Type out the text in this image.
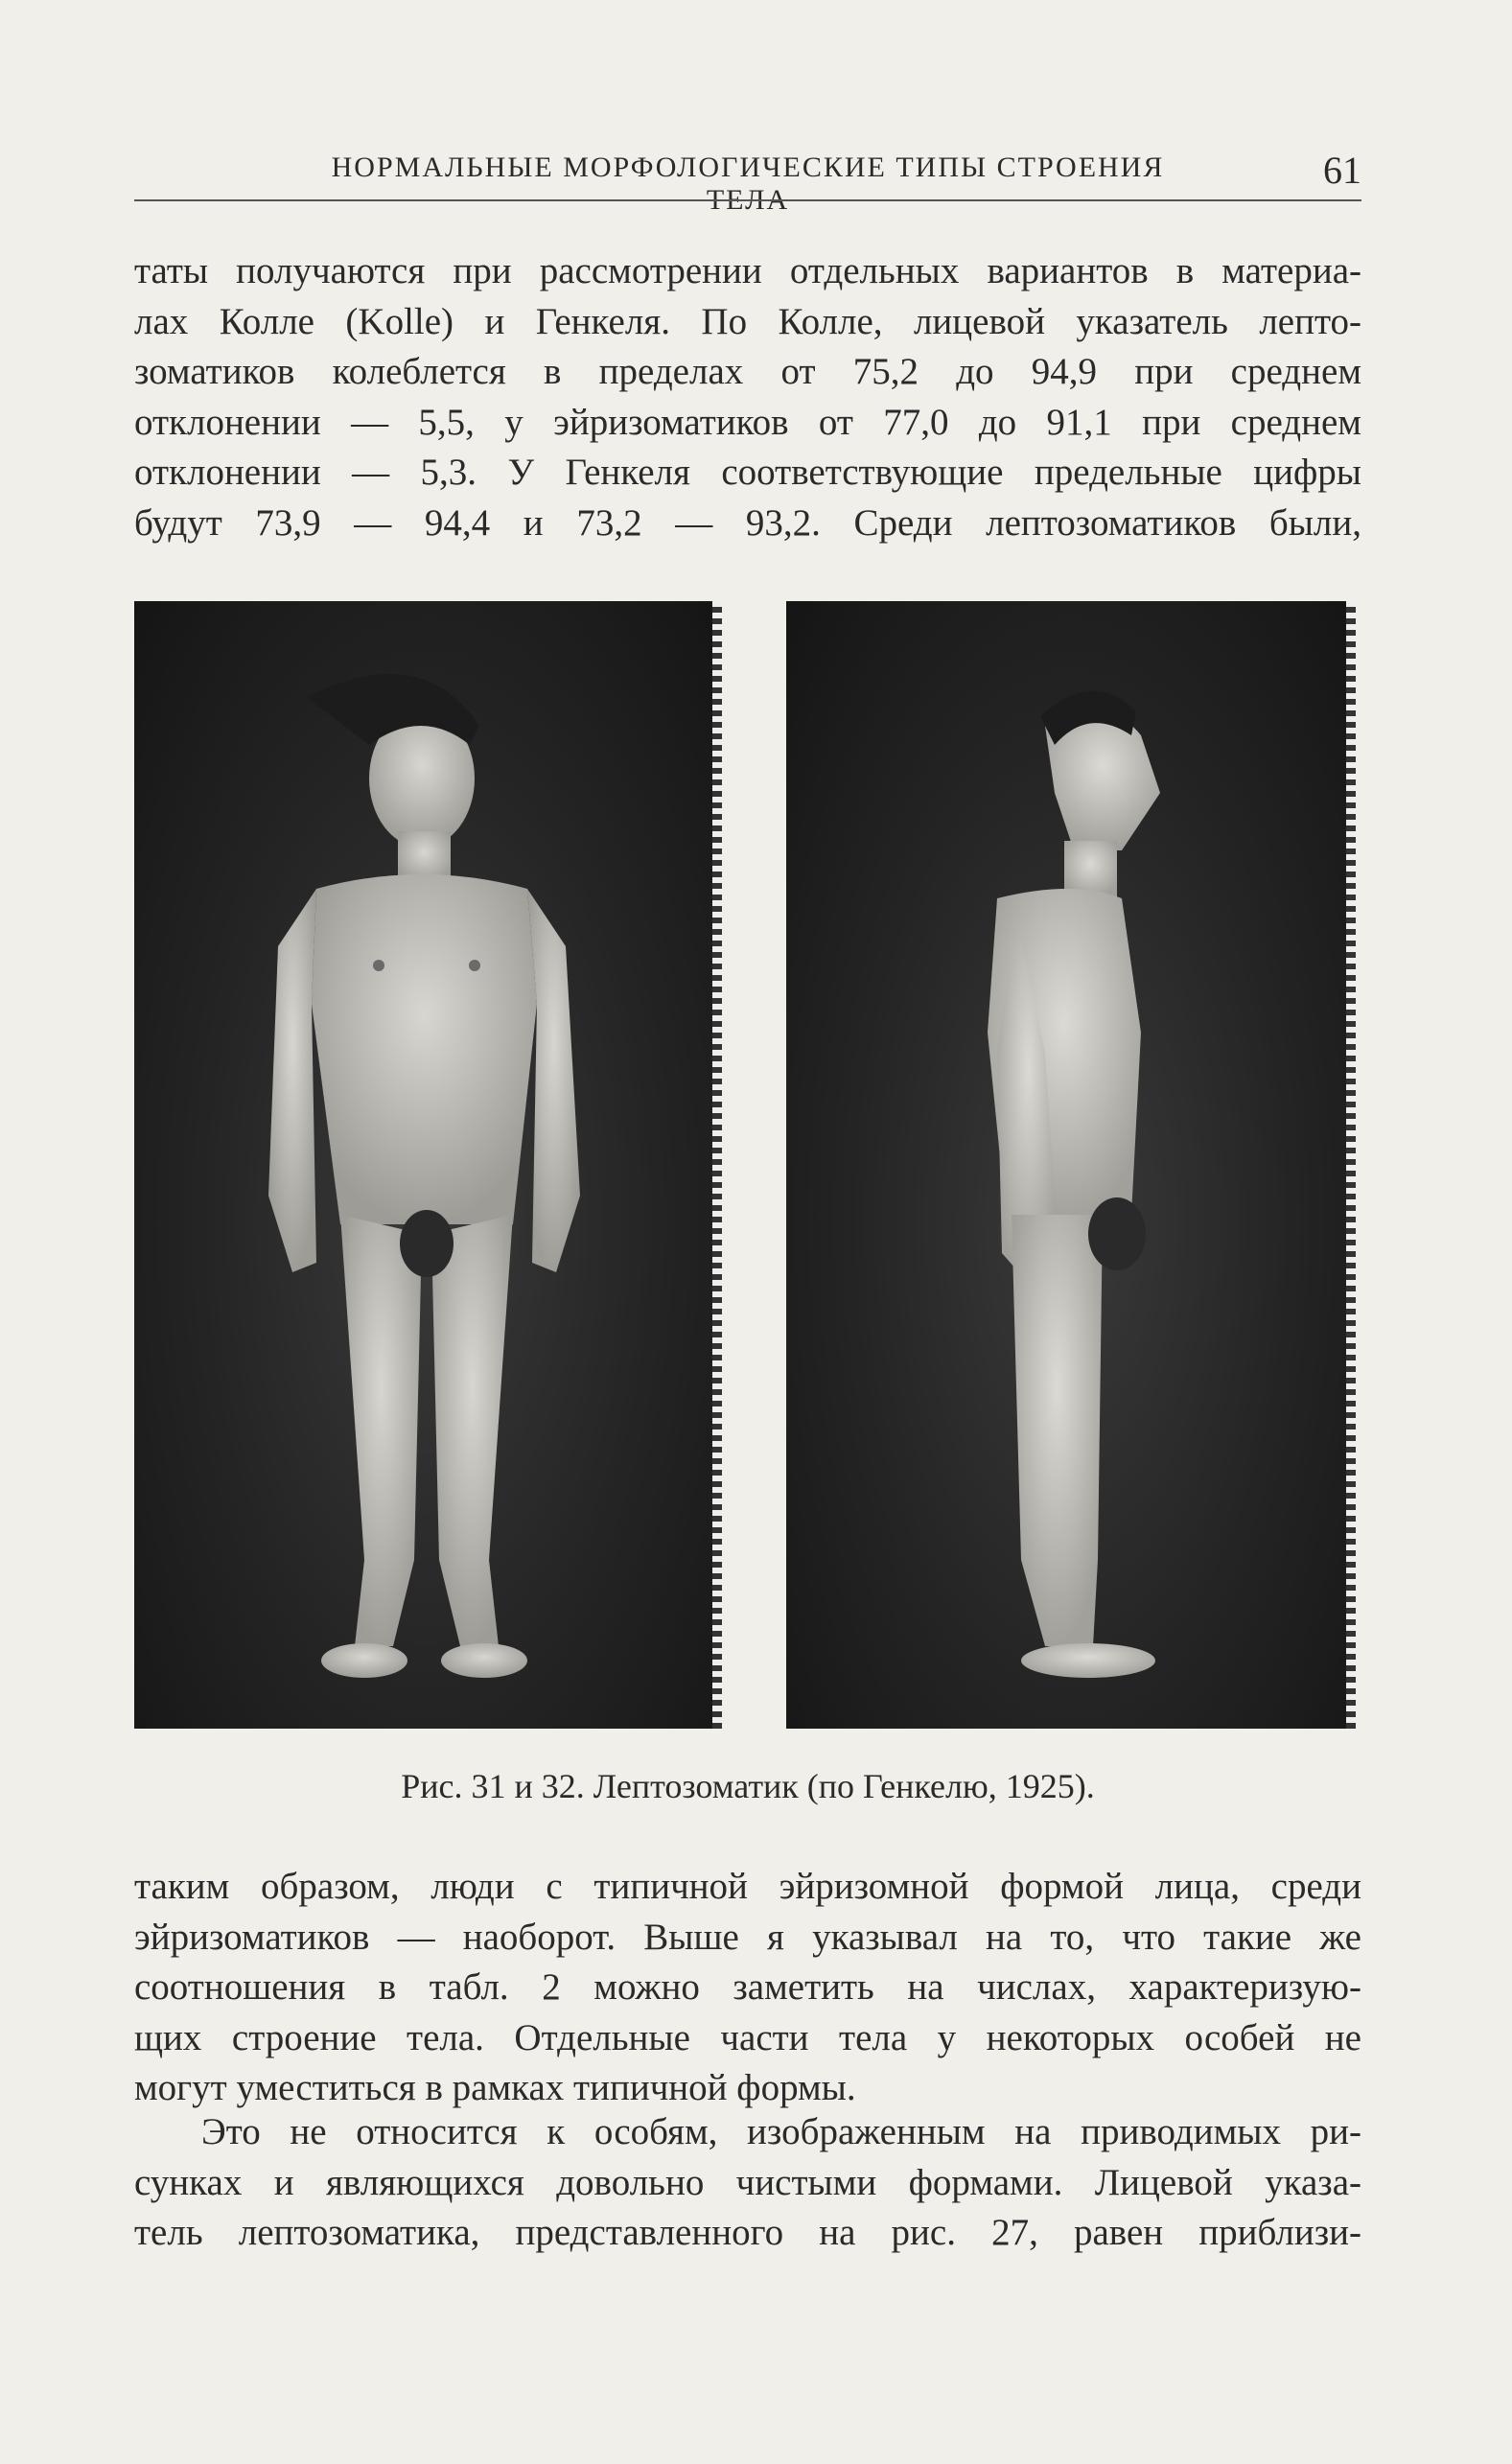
НОРМАЛЬНЫЕ МОРФОЛОГИЧЕСКИЕ ТИПЫ СТРОЕНИЯ ТЕЛА
61
таты получаются при рассмотрении отдельных вариантов в материа-
лах Колле (Kolle) и Генкеля. По Колле, лицевой указатель лепто-
зоматиков колеблется в пределах от 75,2 до 94,9 при среднем
отклонении — 5,5, у эйризоматиков от 77,0 до 91,1 при среднем
отклонении — 5,3. У Генкеля соответствующие предельные цифры
будут 73,9 — 94,4 и 73,2 — 93,2. Среди лептозоматиков были,
Рис. 31 и 32. Лептозоматик (по Генкелю, 1925).
таким образом, люди с типичной эйризомной формой лица, среди
эйризоматиков — наоборот. Выше я указывал на то, что такие же
соотношения в табл. 2 можно заметить на числах, характеризую-
щих строение тела. Отдельные части тела у некоторых особей не
могут уместиться в рамках типичной формы.
Это не относится к особям, изображенным на приводимых ри-
сунках и являющихся довольно чистыми формами. Лицевой указа-
тель лептозоматика, представленного на рис. 27, равен приблизи-
